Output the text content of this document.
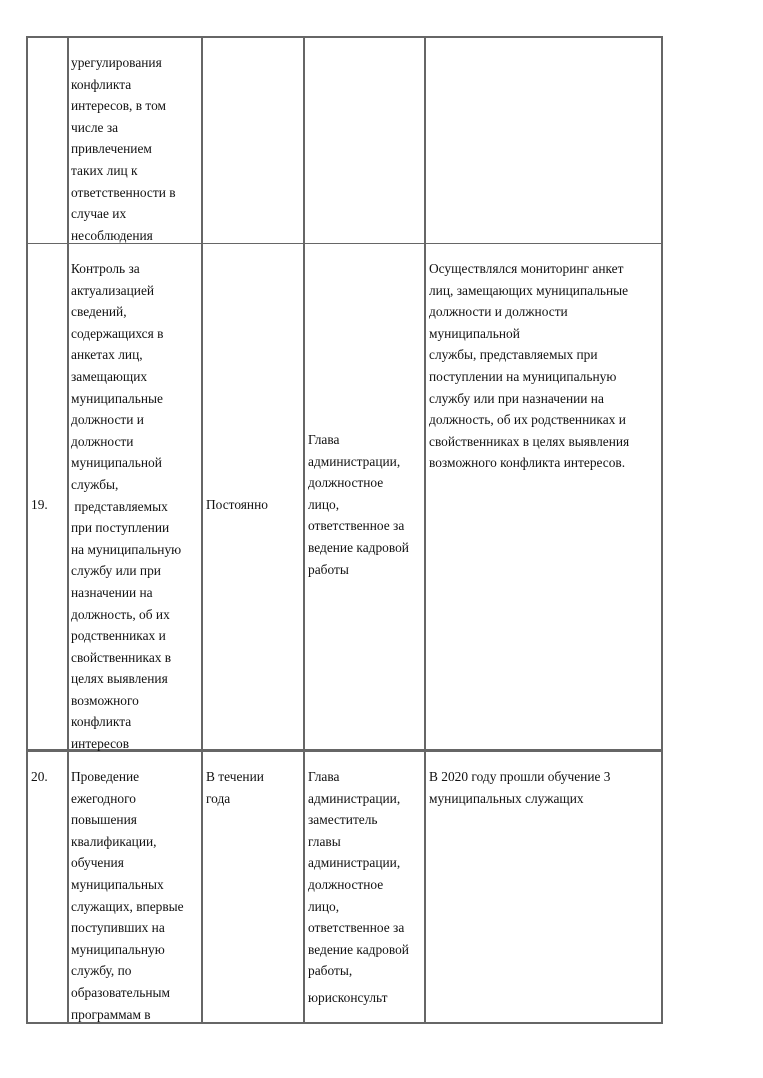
урегулирования
конфликта
интересов, в том
числе за
привлечением
таких лиц к
ответственности в
случае их
несоблюдения
19.
Контроль за
актуализацией
сведений,
содержащихся в
анкетах лиц,
замещающих
муниципальные
должности и
должности
муниципальной
службы,
представляемых
при поступлении
на муниципальную
службу или при
назначении на
должность, об их
родственниках и
свойственниках в
целях выявления
возможного
конфликта
интересов
Постоянно
Глава
администрации,
должностное
лицо,
ответственное за
ведение кадровой
работы
Осуществлялся мониторинг анкет
лиц, замещающих муниципальные
должности и должности
муниципальной
службы, представляемых при
поступлении на муниципальную
службу или при назначении на
должность, об их родственниках и
свойственниках в целях выявления
возможного конфликта интересов.
20.	Проведение
ежегодного
повышения
квалификации,
обучения
муниципальных
служащих, впервые
поступивших на
муниципальную
службу, по
образовательным
программам в
В течении
года
Глава
администрации,
заместитель
главы
администрации,
должностное
лицо,
ответственное за
ведение кадровой
работы,
юрисконсульт
В 2020 году прошли обучение 3
муниципальных служащих
